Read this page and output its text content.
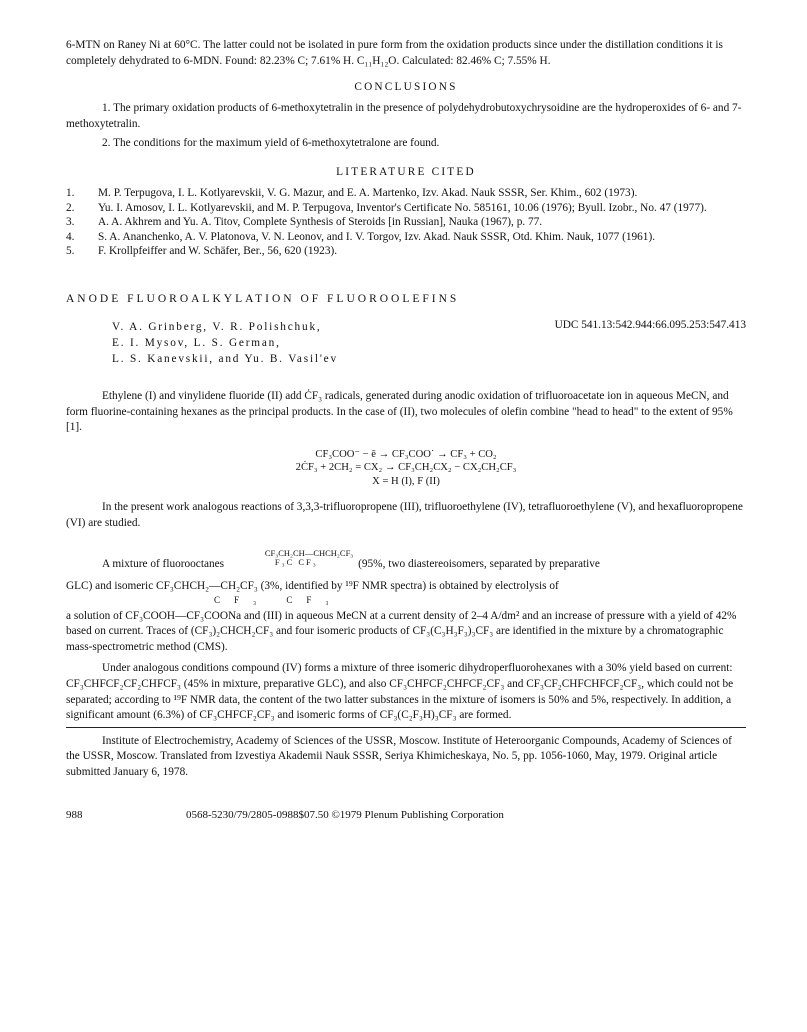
6-MTN on Raney Ni at 60°C. The latter could not be isolated in pure form from the oxidation products since under the distillation conditions it is completely dehydrated to 6-MDN. Found: 82.23% C; 7.61% H. C₁₁H₁₂O. Calculated: 82.46% C; 7.55% H.

CONCLUSIONS

1. The primary oxidation products of 6-methoxytetralin in the presence of polydehydrobutoxychrysoidine are the hydroperoxides of 6- and 7-methoxytetralin.

2. The conditions for the maximum yield of 6-methoxytetralone are found.

LITERATURE CITED
1.	M. P. Terpugova, I. L. Kotlyarevskii, V. G. Mazur, and E. A. Martenko, Izv. Akad. Nauk SSSR, Ser. Khim., 602 (1973).
2.	Yu. I. Amosov, I. L. Kotlyarevskii, and M. P. Terpugova, Inventor's Certificate No. 585161, 10.06 (1976); Byull. Izobr., No. 47 (1977).
3.	A. A. Akhrem and Yu. A. Titov, Complete Synthesis of Steroids [in Russian], Nauka (1967), p. 77.
4.	S. A. Ananchenko, A. V. Platonova, V. N. Leonov, and I. V. Torgov, Izv. Akad. Nauk SSSR, Otd. Khim. Nauk, 1077 (1961).
5.	F. Krollpfeiffer and W. Schäfer, Ber., 56, 620 (1923).
ANODE FLUOROALKYLATION OF FLUOROOLEFINS
V. A. Grinberg, V. R. Polishchuk,
E. I. Mysov, L. S. German,
L. S. Kanevskii, and Yu. B. Vasil'ev
UDC 541.13:542.944:66.095.253:547.413

Ethylene (I) and vinylidene fluoride (II) add ĊF₃ radicals, generated during anodic oxidation of trifluoroacetate ion in aqueous MeCN, and form fluorine-containing hexanes as the principal products. In the case of (II), two molecules of olefin combine "head to head" to the extent of 95% [1].

CF₃COO⁻ − ē → CF₃COO˙ → CF₃ + CO₂
2ĊF₃ + 2CH₂ = CX₂ → CF₃CH₂CX₂ − CX₂CH₂CF₃
X = H (I), F (II)

In the present work analogous reactions of 3,3,3-trifluoropropene (III), trifluoroethylene (IV), tetrafluoroethylene (V), and hexafluoropropene (VI) are studied.

A mixture of fluorooctanes
CF₃CH₂CH—CHCH₂CF₃
F₃C CF₃	(95%, two diastereoisomers, separated by preparative

GLC) and isomeric CF₃CHCH₂—CH₂CF₃ (3%, identified by ¹⁹F NMR spectra) is obtained by electrolysis of

CF₃ CF₃

a solution of CF₃COOH—CF₃COONa and (III) in aqueous MeCN at a current density of 2–4 A/dm² and an increase of pressure with a yield of 42% based on current. Traces of (CF₃)₂CHCH₂CF₃ and four isomeric products of CF₃(C₃H₃F₃)₃CF₃ are identified in the mixture by a chromatographic mass-spectrometric method (CMS).

Under analogous conditions compound (IV) forms a mixture of three isomeric dihydroperfluorohexanes with a 30% yield based on current: CF₃CHFCF₂CF₂CHFCF₃ (45% in mixture, preparative GLC), and also CF₃CHFCF₂CHFCF₂CF₃ and CF₃CF₂CHFCHFCF₂CF₃, which could not be separated; according to ¹⁹F NMR data, the content of the two latter substances in the mixture of isomers is 50% and 5%, respectively. In addition, a significant amount (6.3%) of CF₃CHFCF₂CF₃ and isomeric forms of CF₃(C₂F₃H)₃CF₃ are formed.

Institute of Electrochemistry, Academy of Sciences of the USSR, Moscow. Institute of Heteroorganic Compounds, Academy of Sciences of the USSR, Moscow. Translated from Izvestiya Akademii Nauk SSSR, Seriya Khimicheskaya, No. 5, pp. 1056-1060, May, 1979. Original article submitted January 6, 1978.

988	0568-5230/79/2805-0988$07.50 ©1979 Plenum Publishing Corporation
